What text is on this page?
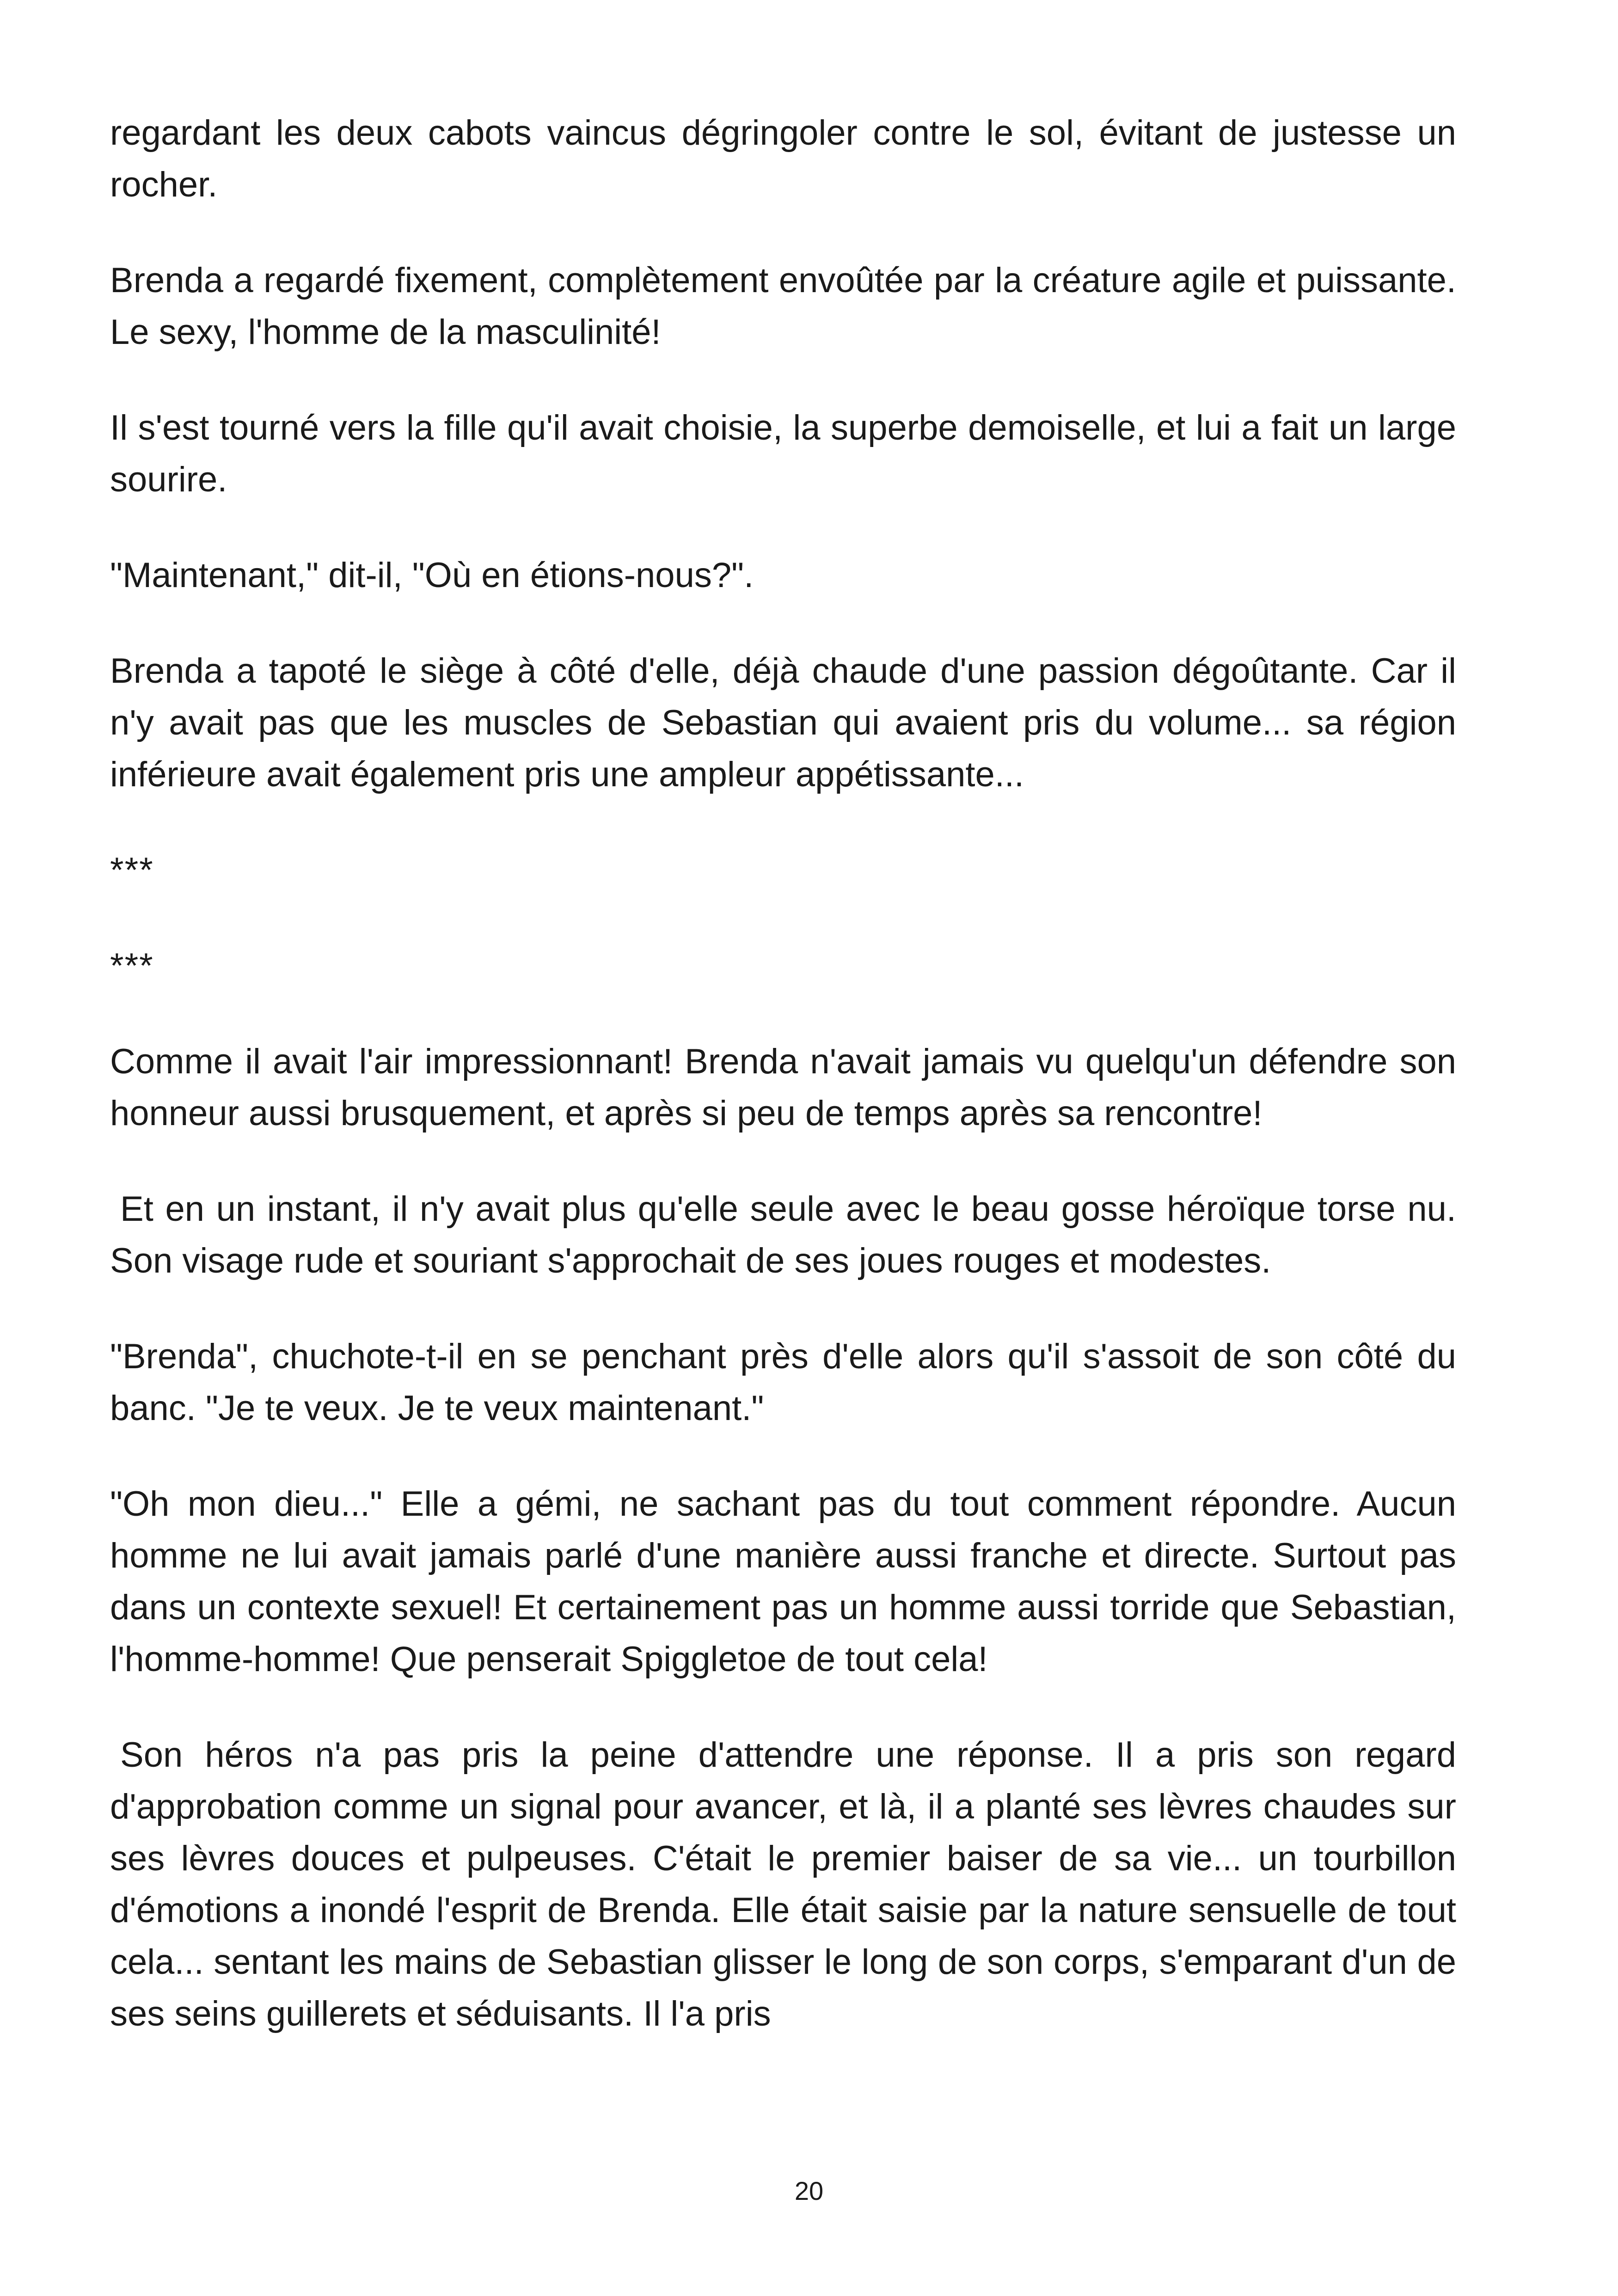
regardant les deux cabots vaincus dégringoler contre le sol, évitant de justesse un rocher.

Brenda a regardé fixement, complètement envoûtée par la créature agile et puissante. Le sexy, l'homme de la masculinité!

Il s'est tourné vers la fille qu'il avait choisie, la superbe demoiselle, et lui a fait un large sourire.

"Maintenant," dit-il, "Où en étions-nous?".

Brenda a tapoté le siège à côté d'elle, déjà chaude d'une passion dégoûtante. Car il n'y avait pas que les muscles de Sebastian qui avaient pris du volume... sa région inférieure avait également pris une ampleur appétissante...

***

***

Comme il avait l'air impressionnant! Brenda n'avait jamais vu quelqu'un défendre son honneur aussi brusquement, et après si peu de temps après sa rencontre!

Et en un instant, il n'y avait plus qu'elle seule avec le beau gosse héroïque torse nu. Son visage rude et souriant s'approchait de ses joues rouges et modestes.

"Brenda", chuchote-t-il en se penchant près d'elle alors qu'il s'assoit de son côté du banc. "Je te veux. Je te veux maintenant."

"Oh mon dieu..." Elle a gémi, ne sachant pas du tout comment répondre. Aucun homme ne lui avait jamais parlé d'une manière aussi franche et directe. Surtout pas dans un contexte sexuel! Et certainement pas un homme aussi torride que Sebastian, l'homme-homme! Que penserait Spiggletoe de tout cela!

Son héros n'a pas pris la peine d'attendre une réponse. Il a pris son regard d'approbation comme un signal pour avancer, et là, il a planté ses lèvres chaudes sur ses lèvres douces et pulpeuses. C'était le premier baiser de sa vie... un tourbillon d'émotions a inondé l'esprit de Brenda. Elle était saisie par la nature sensuelle de tout cela... sentant les mains de Sebastian glisser le long de son corps, s'emparant d'un de ses seins guillerets et séduisants. Il l'a pris

20
